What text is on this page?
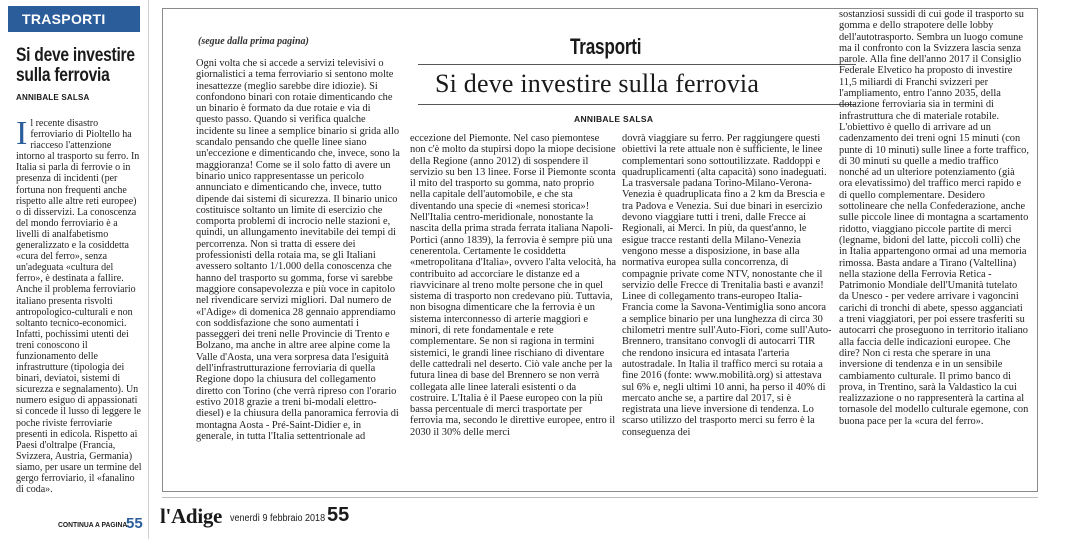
TRASPORTI
Si deve investire sulla ferrovia
ANNIBALE SALSA
Il recente disastro ferroviario di Pioltello ha riacceso l'attenzione intorno al trasporto su ferro. In Italia si parla di ferrovie o in presenza di incidenti (per fortuna non frequenti anche rispetto alle altre reti europee) o di disservizi. La conoscenza del mondo ferroviario è a livelli di analfabetismo generalizzato e la cosiddetta «cura del ferro», senza un'adeguata «cultura del ferro», è destinata a fallire. Anche il problema ferroviario italiano presenta risvolti antropologico-culturali e non soltanto tecnico-economici. Infatti, pochissimi utenti dei treni conoscono il funzionamento delle infrastrutture (tipologia dei binari, deviatoi, sistemi di sicurezza e segnalamento). Un numero esiguo di appassionati si concede il lusso di leggere le poche riviste ferroviarie presenti in edicola. Rispetto ai Paesi d'oltralpe (Francia, Svizzera, Austria, Germania) siamo, per usare un termine del gergo ferroviario, il «fanalino di coda».
CONTINUA A PAGINA
55
(segue dalla prima pagina)	Trasporti
Si deve investire sulla ferrovia
ANNIBALE SALSA
Ogni volta che si accede a servizi televisivi o giornalistici a tema ferroviario si sentono molte inesattezze (meglio sarebbe dire idiozie). Si confondono binari con rotaie dimenticando che un binario è formato da due rotaie e via di questo passo. Quando si verifica qualche incidente su linee a semplice binario si grida allo scandalo pensando che quelle linee siano un'eccezione e dimenticando che, invece, sono la maggioranza! Come se il solo fatto di avere un binario unico rappresentasse un pericolo annunciato e dimenticando che, invece, tutto dipende dai sistemi di sicurezza. Il binario unico costituisce soltanto un limite di esercizio che comporta problemi di incrocio nelle stazioni e, quindi, un allungamento inevitabile dei tempi di percorrenza. Non si tratta di essere dei professionisti della rotaia ma, se gli Italiani avessero soltanto 1/1.000 della conoscenza che hanno del trasporto su gomma, forse vi sarebbe maggiore consapevolezza e più voce in capitolo nel rivendicare servizi migliori. Dal numero de «l'Adige» di domenica 28 gennaio apprendiamo con soddisfazione che sono aumentati i passeggeri dei treni nelle Provincie di Trento e Bolzano, ma anche in altre aree alpine come la Valle d'Aosta, una vera sorpresa data l'esiguità dell'infrastrutturazione ferroviaria di quella Regione dopo la chiusura del collegamento diretto con Torino (che verrà ripreso con l'orario estivo 2018 grazie a treni bi-modali elettro-diesel) e la chiusura della panoramica ferrovia di montagna Aosta - Pré-Saint-Didier e, in generale, in tutta l'Italia settentrionale ad
eccezione del Piemonte. Nel caso piemontese non c'è molto da stupirsi dopo la miope decisione della Regione (anno 2012) di sospendere il servizio su ben 13 linee. Forse il Piemonte sconta il mito del trasporto su gomma, nato proprio nella capitale dell'automobile, e che sta diventando una specie di «nemesi storica»! Nell'Italia centro-meridionale, nonostante la nascita della prima strada ferrata italiana Napoli-Portici (anno 1839), la ferrovia è sempre più una cenerentola. Certamente le cosiddetta «metropolitana d'Italia», ovvero l'alta velocità, ha contribuito ad accorciare le distanze ed a riavvicinare al treno molte persone che in quel sistema di trasporto non credevano più. Tuttavia, non bisogna dimenticare che la ferrovia è un sistema interconnesso di arterie maggiori e minori, di rete fondamentale e rete complementare. Se non si ragiona in termini sistemici, le grandi linee rischiano di diventare delle cattedrali nel deserto. Ciò vale anche per la futura linea di base del Brennero se non verrà collegata alle linee laterali esistenti o da costruire. L'Italia è il Paese europeo con la più bassa percentuale di merci trasportate per ferrovia ma, secondo le direttive europee, entro il 2030 il 30% delle merci
dovrà viaggiare su ferro. Per raggiungere questi obiettivi la rete attuale non è sufficiente, le linee complementari sono sottoutilizzate. Raddoppi e quadruplicamenti (alta capacità) sono inadeguati. La trasversale padana Torino-Milano-Verona-Venezia è quadruplicata fino a 2 km da Brescia e tra Padova e Venezia. Sui due binari in esercizio devono viaggiare tutti i treni, dalle Frecce ai Regionali, ai Merci. In più, da quest'anno, le esigue tracce restanti della Milano-Venezia vengono messe a disposizione, in base alla normativa europea sulla concorrenza, di compagnie private come NTV, nonostante che il servizio delle Frecce di Trenitalia basti e avanzi! Linee di collegamento trans-europeo Italia-Francia come la Savona-Ventimiglia sono ancora a semplice binario per una lunghezza di circa 30 chilometri mentre sull'Auto-Fiori, come sull'Auto-Brennero, transitano convogli di autocarri TIR che rendono insicura ed intasata l'arteria autostradale. In Italia il traffico merci su rotaia a fine 2016 (fonte: www.mobilità.org) si attestava sul 6% e, negli ultimi 10 anni, ha perso il 40% di mercato anche se, a partire dal 2017, si è registrata una lieve inversione di tendenza. Lo scarso utilizzo del trasporto merci su ferro è la conseguenza dei
sostanziosi sussidi di cui gode il trasporto su gomma e dello strapotere delle lobby dell'autotrasporto. Sembra un luogo comune ma il confronto con la Svizzera lascia senza parole. Alla fine dell'anno 2017 il Consiglio Federale Elvetico ha proposto di investire 11,5 miliardi di Franchi svizzeri per l'ampliamento, entro l'anno 2035, della dotazione ferroviaria sia in termini di infrastruttura che di materiale rotabile. L'obiettivo è quello di arrivare ad un cadenzamento dei treni ogni 15 minuti (con punte di 10 minuti) sulle linee a forte traffico, di 30 minuti su quelle a medio traffico nonché ad un ulteriore potenziamento (già ora elevatissimo) del traffico merci rapido e di quello complementare. Desidero sottolineare che nella Confederazione, anche sulle piccole linee di montagna a scartamento ridotto, viaggiano piccole partite di merci (legname, bidoni del latte, piccoli colli) che in Italia appartengono ormai ad una memoria rimossa. Basta andare a Tirano (Valtellina) nella stazione della Ferrovia Retica - Patrimonio Mondiale dell'Umanità tutelato da Unesco - per vedere arrivare i vagoncini carichi di tronchi di abete, spesso agganciati a treni viaggiatori, per poi essere trasferiti su autocarri che proseguono in territorio italiano alla faccia delle indicazioni europee. Che dire? Non ci resta che sperare in una inversione di tendenza e in un sensibile cambiamento culturale. Il primo banco di prova, in Trentino, sarà la Valdastico la cui realizzazione o no rappresenterà la cartina al tornasole del modello culturale egemone, con buona pace per la «cura del ferro».
l'Adige venerdì 9 febbraio 2018 55
